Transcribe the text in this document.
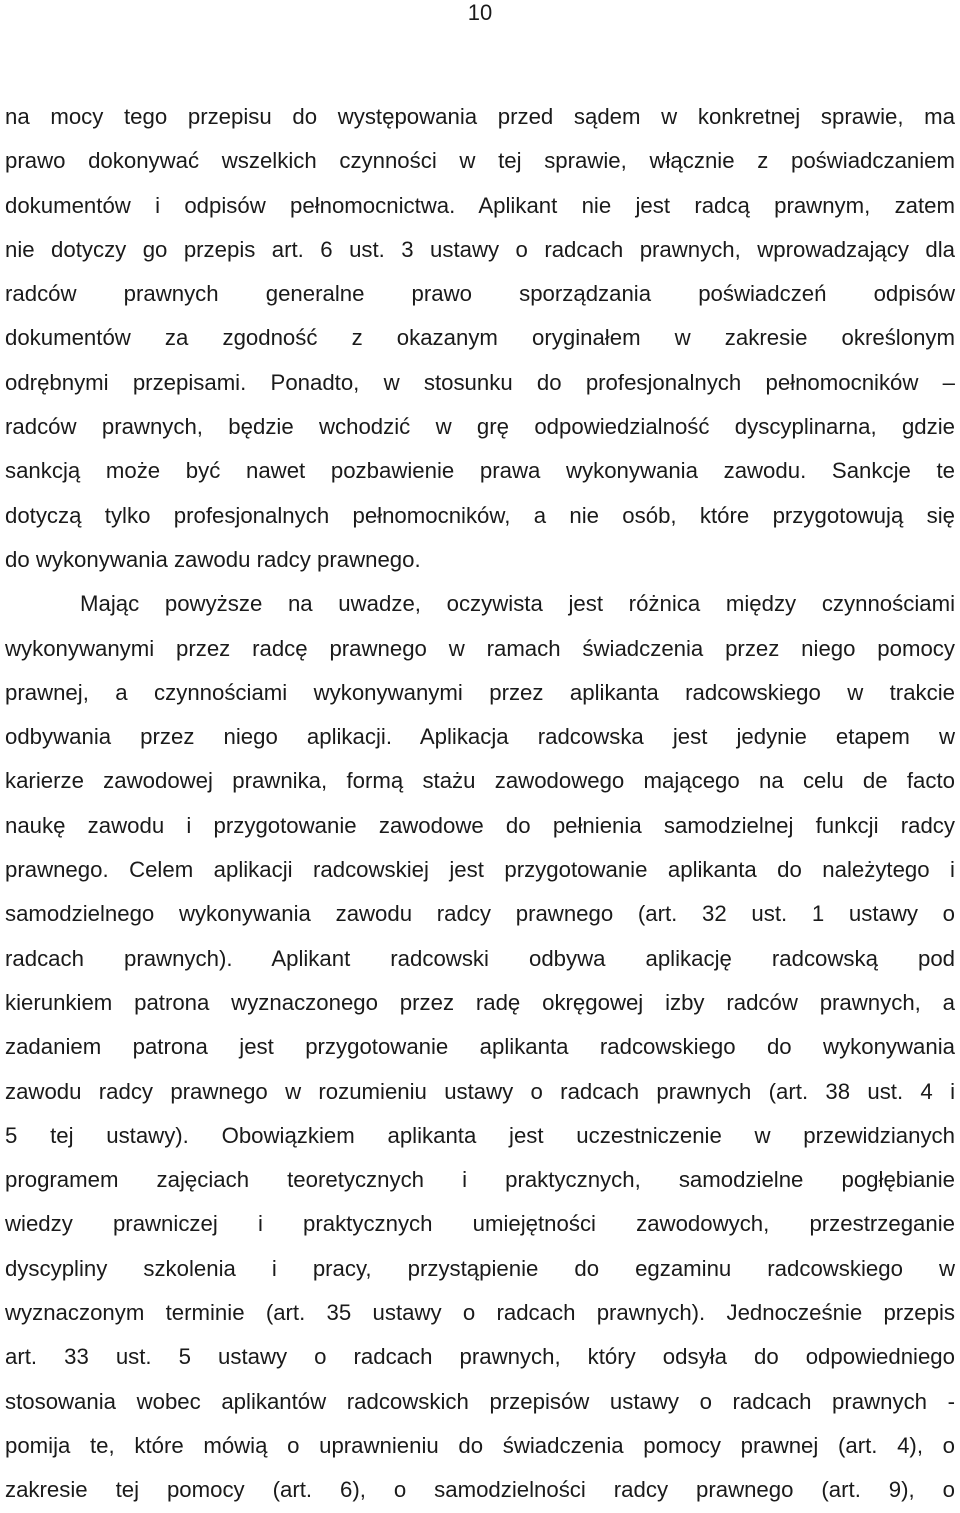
10
na mocy tego przepisu do występowania przed sądem w konkretnej sprawie, ma
prawo dokonywać wszelkich czynności w tej sprawie, włącznie z poświadczaniem
dokumentów i odpisów pełnomocnictwa. Aplikant nie jest radcą prawnym, zatem
nie dotyczy go przepis art. 6 ust. 3 ustawy o radcach prawnych, wprowadzający dla
radców prawnych generalne prawo sporządzania poświadczeń odpisów
dokumentów za zgodność z okazanym oryginałem w zakresie określonym
odrębnymi przepisami. Ponadto, w stosunku do profesjonalnych pełnomocników –
radców prawnych, będzie wchodzić w grę odpowiedzialność dyscyplinarna, gdzie
sankcją może być nawet pozbawienie prawa wykonywania zawodu. Sankcje te
dotyczą tylko profesjonalnych pełnomocników, a nie osób, które przygotowują się
do wykonywania zawodu radcy prawnego.
Mając powyższe na uwadze, oczywista jest różnica między czynnościami
wykonywanymi przez radcę prawnego w ramach świadczenia przez niego pomocy
prawnej, a czynnościami wykonywanymi przez aplikanta radcowskiego w trakcie
odbywania przez niego aplikacji. Aplikacja radcowska jest jedynie etapem w
karierze zawodowej prawnika, formą stażu zawodowego mającego na celu de facto
naukę zawodu i przygotowanie zawodowe do pełnienia samodzielnej funkcji radcy
prawnego. Celem aplikacji radcowskiej jest przygotowanie aplikanta do należytego i
samodzielnego wykonywania zawodu radcy prawnego (art. 32 ust. 1 ustawy o
radcach prawnych). Aplikant radcowski odbywa aplikację radcowską pod
kierunkiem patrona wyznaczonego przez radę okręgowej izby radców prawnych, a
zadaniem patrona jest przygotowanie aplikanta radcowskiego do wykonywania
zawodu radcy prawnego w rozumieniu ustawy o radcach prawnych (art. 38 ust. 4 i
5 tej ustawy). Obowiązkiem aplikanta jest uczestniczenie w przewidzianych
programem zajęciach teoretycznych i praktycznych, samodzielne pogłębianie
wiedzy prawniczej i praktycznych umiejętności zawodowych, przestrzeganie
dyscypliny szkolenia i pracy, przystąpienie do egzaminu radcowskiego w
wyznaczonym terminie (art. 35 ustawy o radcach prawnych). Jednocześnie przepis
art. 33 ust. 5 ustawy o radcach prawnych, który odsyła do odpowiedniego
stosowania wobec aplikantów radcowskich przepisów ustawy o radcach prawnych -
pomija te, które mówią o uprawnieniu do świadczenia pomocy prawnej (art. 4), o
zakresie tej pomocy (art. 6), o samodzielności radcy prawnego (art. 9), o
